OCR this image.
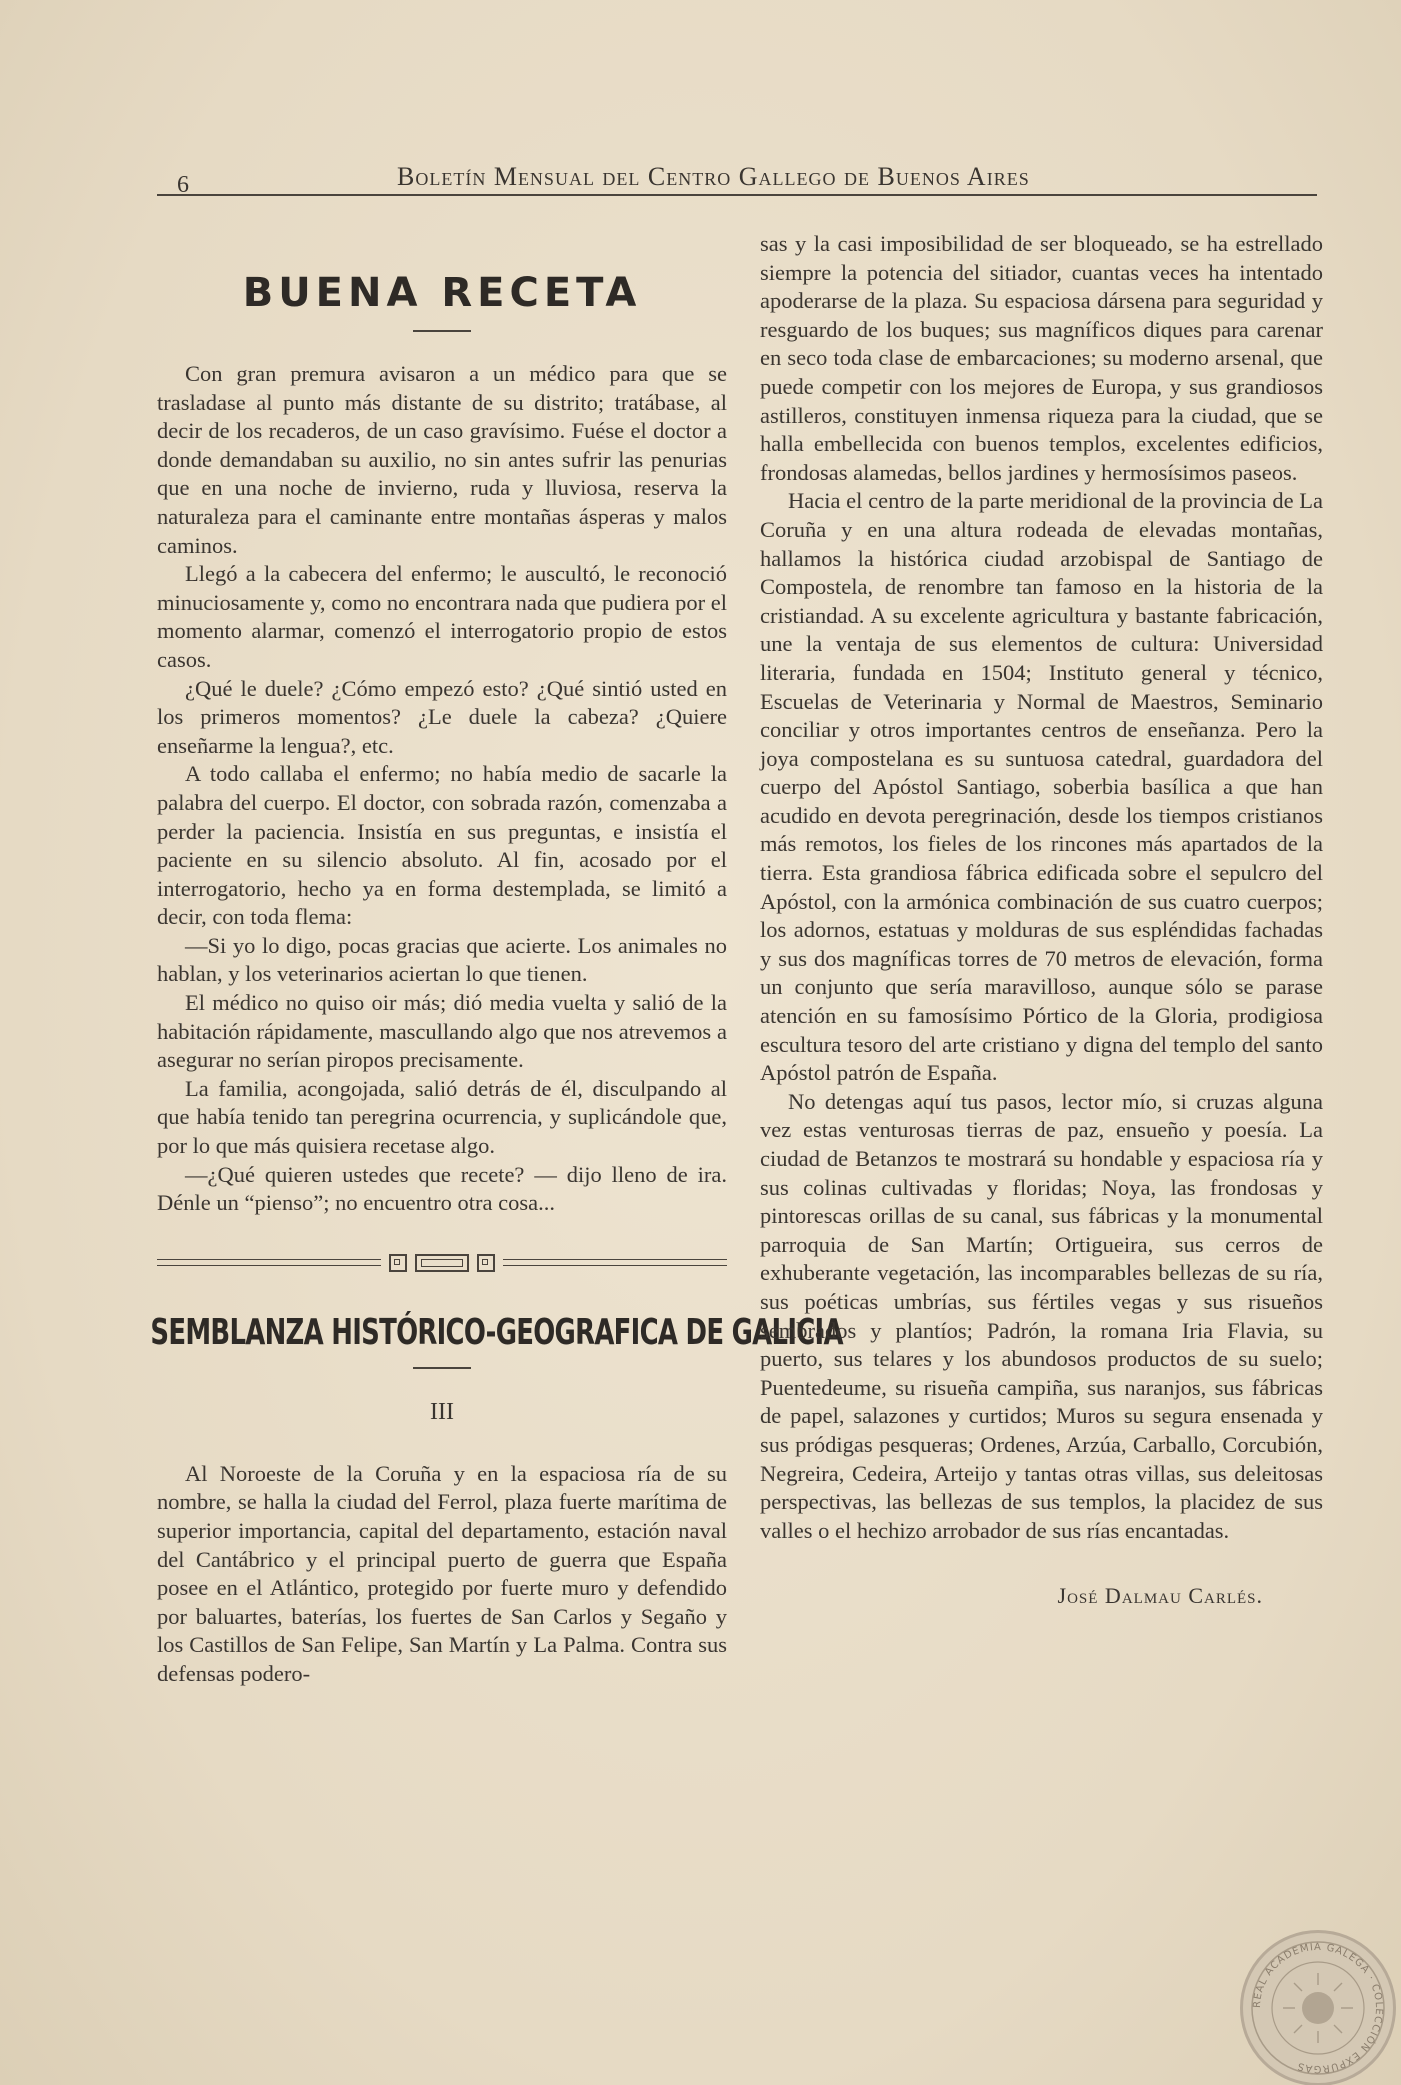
6	Boletín Mensual del Centro Gallego de Buenos Aires
BUENA RECETA

Con gran premura avisaron a un médico para que se trasladase al punto más distante de su distrito; tratábase, al decir de los recaderos, de un caso gravísimo. Fuése el doctor a donde demandaban su auxilio, no sin antes sufrir las penurias que en una noche de invierno, ruda y lluviosa, reserva la naturaleza para el caminante entre montañas ásperas y malos caminos.

Llegó a la cabecera del enfermo; le auscultó, le reconoció minuciosamente y, como no encontrara nada que pudiera por el momento alarmar, comenzó el interrogatorio propio de estos casos.

¿Qué le duele? ¿Cómo empezó esto? ¿Qué sintió usted en los primeros momentos? ¿Le duele la cabeza? ¿Quiere enseñarme la lengua?, etc.

A todo callaba el enfermo; no había medio de sacarle la palabra del cuerpo. El doctor, con sobrada razón, comenzaba a perder la paciencia. Insistía en sus preguntas, e insistía el paciente en su silencio absoluto. Al fin, acosado por el interrogatorio, hecho ya en forma destemplada, se limitó a decir, con toda flema:

—Si yo lo digo, pocas gracias que acierte. Los animales no hablan, y los veterinarios aciertan lo que tienen.

El médico no quiso oir más; dió media vuelta y salió de la habitación rápidamente, mascullando algo que nos atrevemos a asegurar no serían piropos precisamente.

La familia, acongojada, salió detrás de él, disculpando al que había tenido tan peregrina ocurrencia, y suplicándole que, por lo que más quisiera recetase algo.

—¿Qué quieren ustedes que recete? — dijo lleno de ira. Dénle un “pienso”; no encuentro otra cosa...

SEMBLANZA HISTÓRICO-GEOGRAFICA DE GALICIA
III

Al Noroeste de la Coruña y en la espaciosa ría de su nombre, se halla la ciudad del Ferrol, plaza fuerte marítima de superior importancia, capital del departamento, estación naval del Cantábrico y el principal puerto de guerra que España posee en el Atlántico, protegido por fuerte muro y defendido por baluartes, baterías, los fuertes de San Carlos y Segaño y los Castillos de San Felipe, San Martín y La Palma. Contra sus defensas podero-

sas y la casi imposibilidad de ser bloqueado, se ha estrellado siempre la potencia del sitiador, cuantas veces ha intentado apoderarse de la plaza. Su espaciosa dársena para seguridad y resguardo de los buques; sus magníficos diques para carenar en seco toda clase de embarcaciones; su moderno arsenal, que puede competir con los mejores de Europa, y sus grandiosos astilleros, constituyen inmensa riqueza para la ciudad, que se halla embellecida con buenos templos, excelentes edificios, frondosas alamedas, bellos jardines y hermosísimos paseos.

Hacia el centro de la parte meridional de la provincia de La Coruña y en una altura rodeada de elevadas montañas, hallamos la histórica ciudad arzobispal de Santiago de Compostela, de renombre tan famoso en la historia de la cristiandad. A su excelente agricultura y bastante fabricación, une la ventaja de sus elementos de cultura: Universidad literaria, fundada en 1504; Instituto general y técnico, Escuelas de Veterinaria y Normal de Maestros, Seminario conciliar y otros importantes centros de enseñanza. Pero la joya compostelana es su suntuosa catedral, guardadora del cuerpo del Apóstol Santiago, soberbia basílica a que han acudido en devota peregrinación, desde los tiempos cristianos más remotos, los fieles de los rincones más apartados de la tierra. Esta grandiosa fábrica edificada sobre el sepulcro del Apóstol, con la armónica combinación de sus cuatro cuerpos; los adornos, estatuas y molduras de sus espléndidas fachadas y sus dos magníficas torres de 70 metros de elevación, forma un conjunto que sería maravilloso, aunque sólo se parase atención en su famosísimo Pórtico de la Gloria, prodigiosa escultura tesoro del arte cristiano y digna del templo del santo Apóstol patrón de España.

No detengas aquí tus pasos, lector mío, si cruzas alguna vez estas venturosas tierras de paz, ensueño y poesía. La ciudad de Betanzos te mostrará su hondable y espaciosa ría y sus colinas cultivadas y floridas; Noya, las frondosas y pintorescas orillas de su canal, sus fábricas y la monumental parroquia de San Martín; Ortigueira, sus cerros de exhuberante vegetación, las incomparables bellezas de su ría, sus poéticas umbrías, sus fértiles vegas y sus risueños sembrados y plantíos; Padrón, la romana Iria Flavia, su puerto, sus telares y los abundosos productos de su suelo; Puentedeume, su risueña campiña, sus naranjos, sus fábricas de papel, salazones y curtidos; Muros su segura ensenada y sus pródigas pesqueras; Ordenes, Arzúa, Carballo, Corcubión, Negreira, Cedeira, Arteijo y tantas otras villas, sus deleitosas perspectivas, las bellezas de sus templos, la placidez de sus valles o el hechizo arrobador de sus rías encantadas.

José Dalmau Carlés.
REAL ACADEMIA GALEGA · COLECCIÓN EXPURGAS
